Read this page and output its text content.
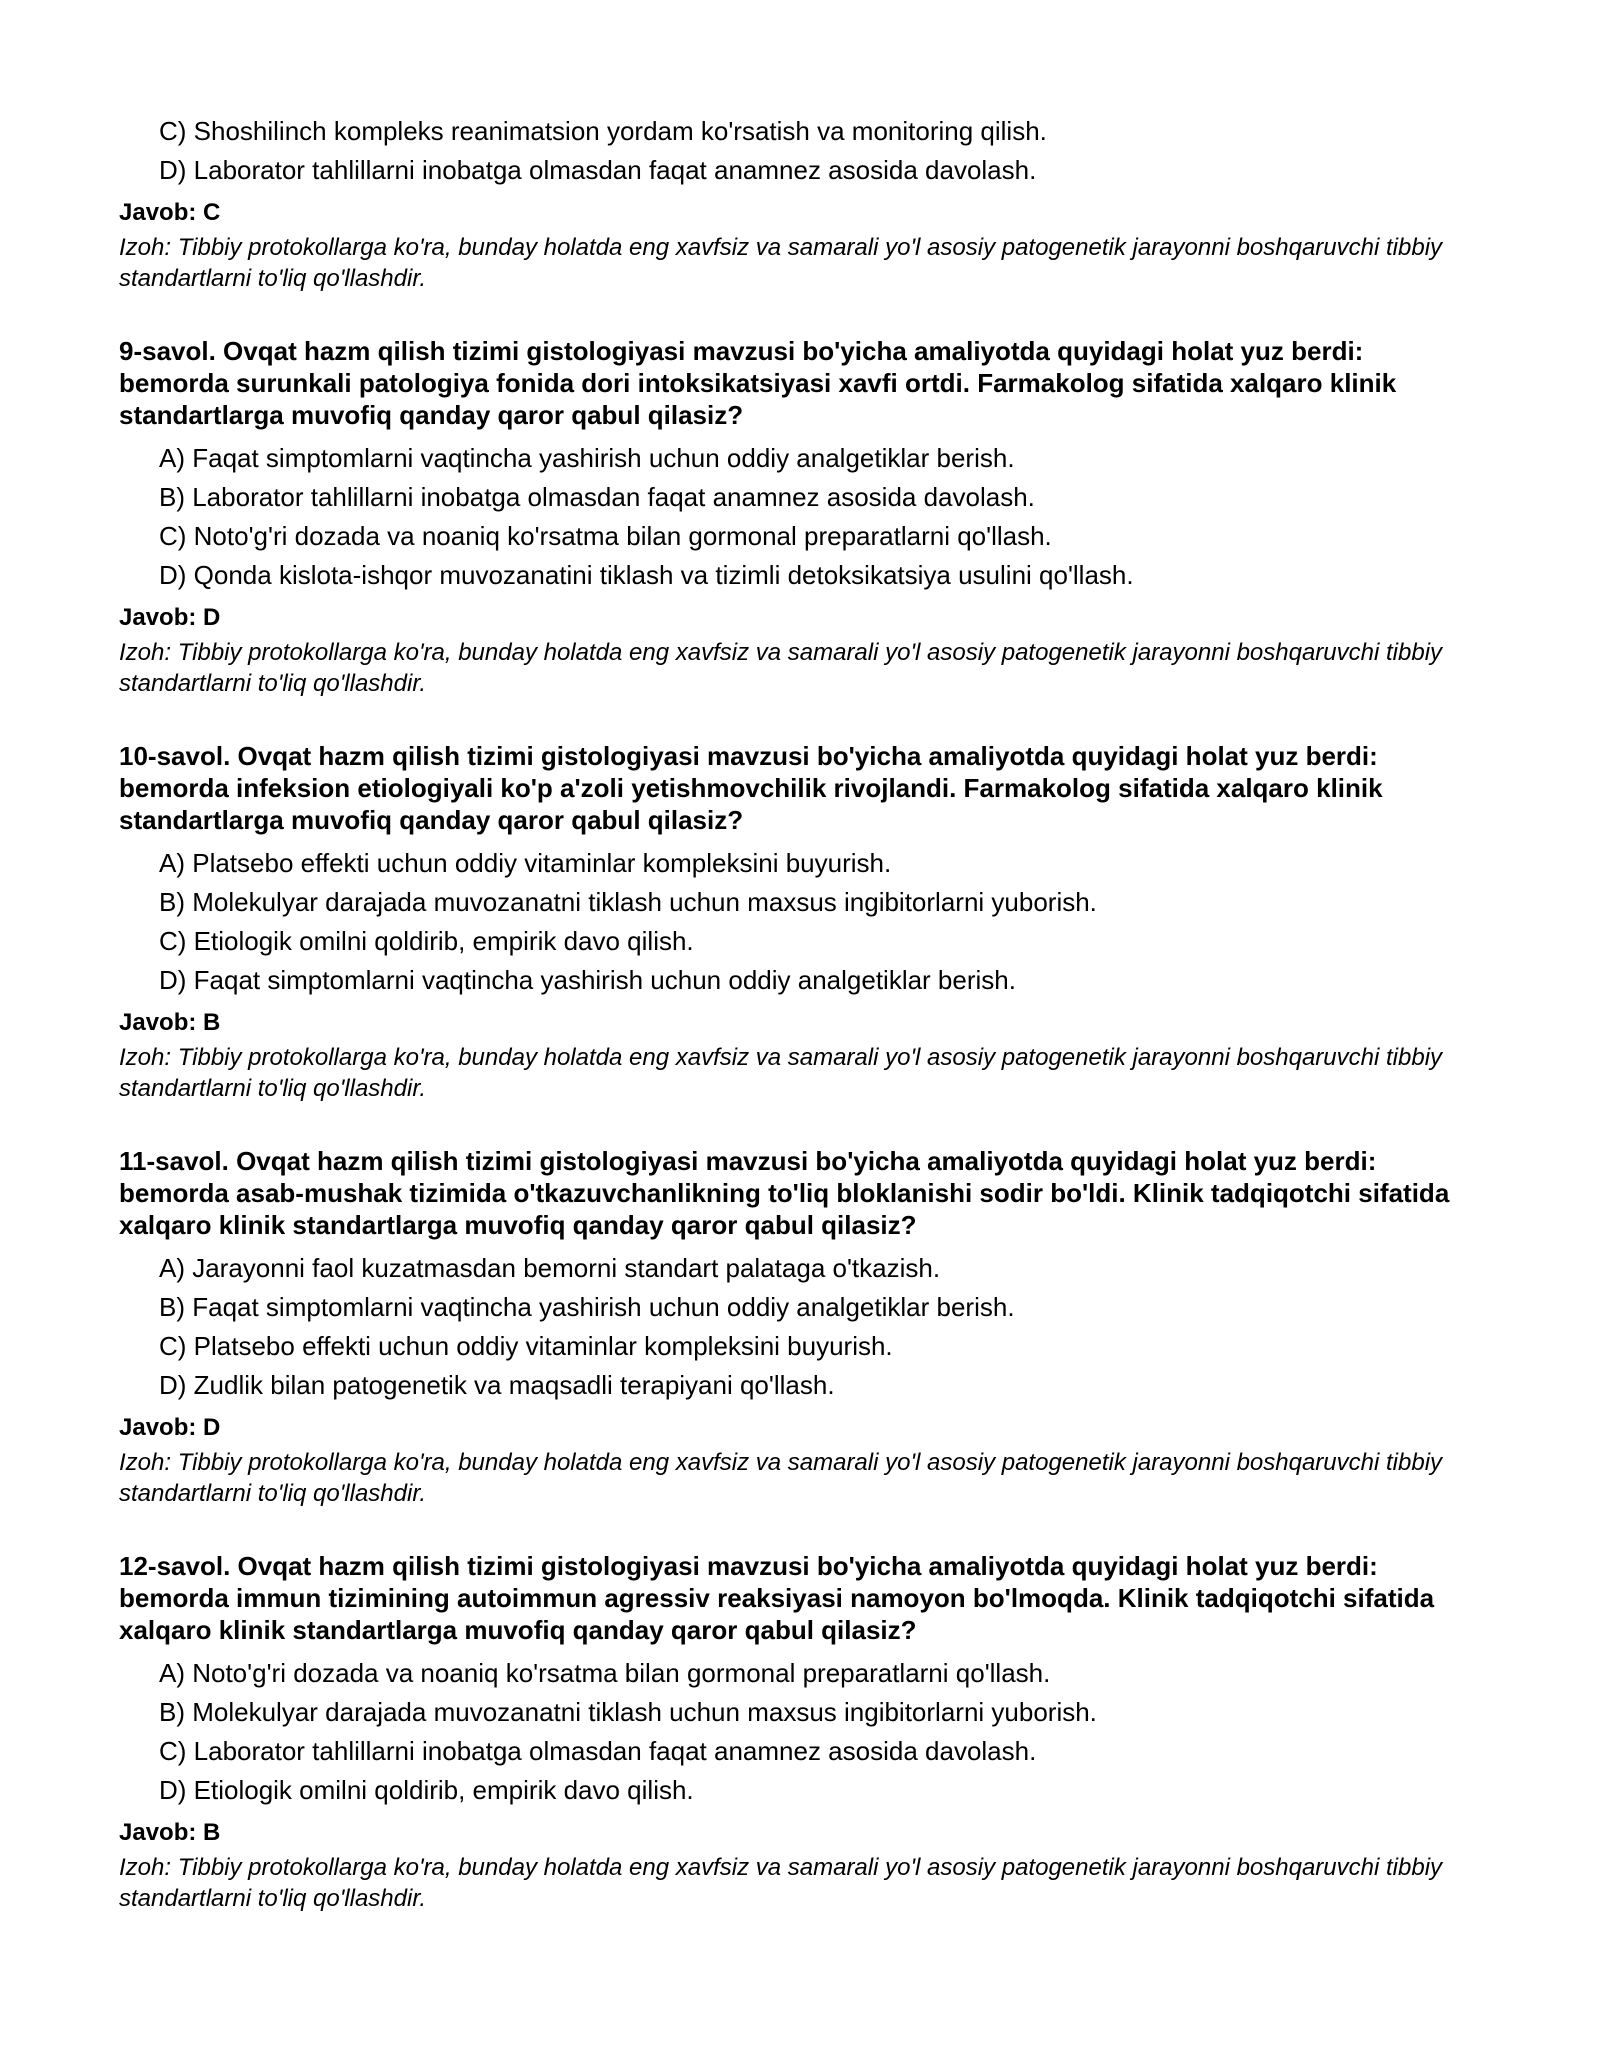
C) Shoshilinch kompleks reanimatsion yordam ko'rsatish va monitoring qilish.
D) Laborator tahlillarni inobatga olmasdan faqat anamnez asosida davolash.
Javob: C
Izoh: Tibbiy protokollarga ko'ra, bunday holatda eng xavfsiz va samarali yo'l asosiy patogenetik jarayonni boshqaruvchi tibbiy standartlarni to'liq qo'llashdir.
9-savol. Ovqat hazm qilish tizimi gistologiyasi mavzusi bo'yicha amaliyotda quyidagi holat yuz berdi: bemorda surunkali patologiya fonida dori intoksikatsiyasi xavfi ortdi. Farmakolog sifatida xalqaro klinik standartlarga muvofiq qanday qaror qabul qilasiz?
A) Faqat simptomlarni vaqtincha yashirish uchun oddiy analgetiklar berish.
B) Laborator tahlillarni inobatga olmasdan faqat anamnez asosida davolash.
C) Noto'g'ri dozada va noaniq ko'rsatma bilan gormonal preparatlarni qo'llash.
D) Qonda kislota-ishqor muvozanatini tiklash va tizimli detoksikatsiya usulini qo'llash.
Javob: D
Izoh: Tibbiy protokollarga ko'ra, bunday holatda eng xavfsiz va samarali yo'l asosiy patogenetik jarayonni boshqaruvchi tibbiy standartlarni to'liq qo'llashdir.
10-savol. Ovqat hazm qilish tizimi gistologiyasi mavzusi bo'yicha amaliyotda quyidagi holat yuz berdi: bemorda infeksion etiologiyali ko'p a'zoli yetishmovchilik rivojlandi. Farmakolog sifatida xalqaro klinik standartlarga muvofiq qanday qaror qabul qilasiz?
A) Platsebo effekti uchun oddiy vitaminlar kompleksini buyurish.
B) Molekulyar darajada muvozanatni tiklash uchun maxsus ingibitorlarni yuborish.
C) Etiologik omilni qoldirib, empirik davo qilish.
D) Faqat simptomlarni vaqtincha yashirish uchun oddiy analgetiklar berish.
Javob: B
Izoh: Tibbiy protokollarga ko'ra, bunday holatda eng xavfsiz va samarali yo'l asosiy patogenetik jarayonni boshqaruvchi tibbiy standartlarni to'liq qo'llashdir.
11-savol. Ovqat hazm qilish tizimi gistologiyasi mavzusi bo'yicha amaliyotda quyidagi holat yuz berdi: bemorda asab-mushak tizimida o'tkazuvchanlikning to'liq bloklanishi sodir bo'ldi. Klinik tadqiqotchi sifatida xalqaro klinik standartlarga muvofiq qanday qaror qabul qilasiz?
A) Jarayonni faol kuzatmasdan bemorni standart palataga o'tkazish.
B) Faqat simptomlarni vaqtincha yashirish uchun oddiy analgetiklar berish.
C) Platsebo effekti uchun oddiy vitaminlar kompleksini buyurish.
D) Zudlik bilan patogenetik va maqsadli terapiyani qo'llash.
Javob: D
Izoh: Tibbiy protokollarga ko'ra, bunday holatda eng xavfsiz va samarali yo'l asosiy patogenetik jarayonni boshqaruvchi tibbiy standartlarni to'liq qo'llashdir.
12-savol. Ovqat hazm qilish tizimi gistologiyasi mavzusi bo'yicha amaliyotda quyidagi holat yuz berdi: bemorda immun tizimining autoimmun agressiv reaksiyasi namoyon bo'lmoqda. Klinik tadqiqotchi sifatida xalqaro klinik standartlarga muvofiq qanday qaror qabul qilasiz?
A) Noto'g'ri dozada va noaniq ko'rsatma bilan gormonal preparatlarni qo'llash.
B) Molekulyar darajada muvozanatni tiklash uchun maxsus ingibitorlarni yuborish.
C) Laborator tahlillarni inobatga olmasdan faqat anamnez asosida davolash.
D) Etiologik omilni qoldirib, empirik davo qilish.
Javob: B
Izoh: Tibbiy protokollarga ko'ra, bunday holatda eng xavfsiz va samarali yo'l asosiy patogenetik jarayonni boshqaruvchi tibbiy standartlarni to'liq qo'llashdir.
